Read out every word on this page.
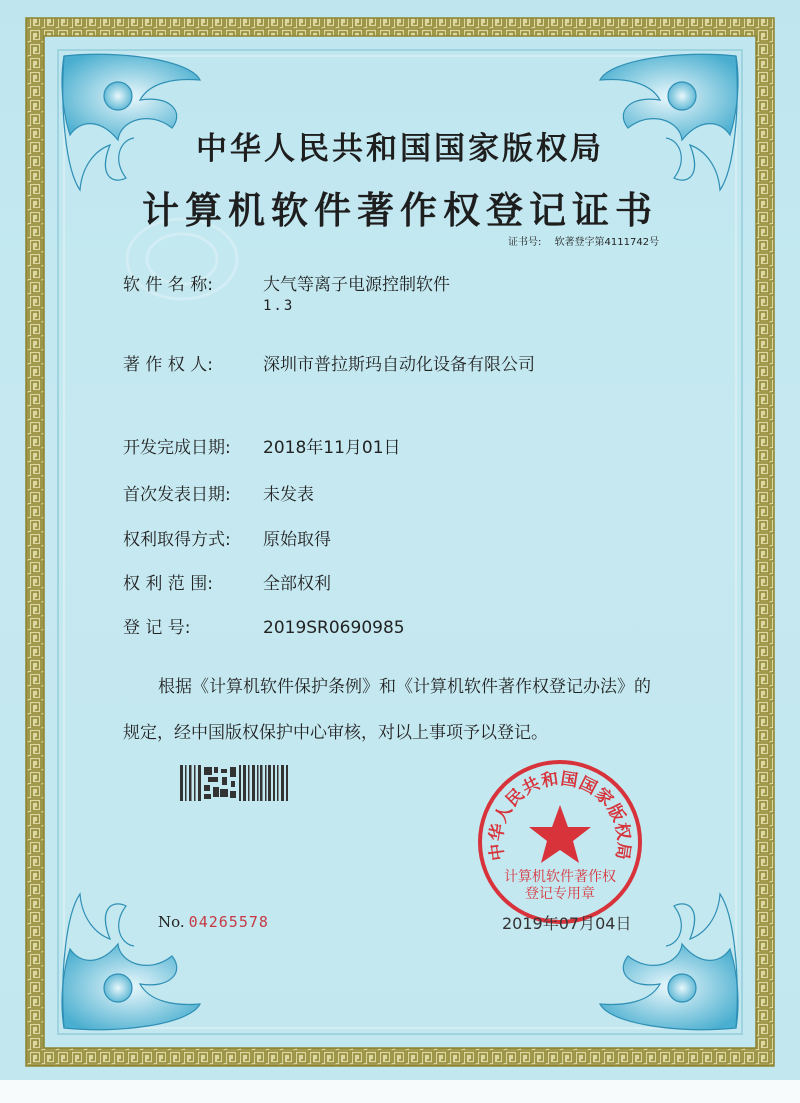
中华人民共和国国家版权局
计算机软件著作权登记证书
证书号: 软著登字第4111742号
软 件 名 称:	大气等离子电源控制软件
1.3
著 作 权 人:	深圳市普拉斯玛自动化设备有限公司
开发完成日期: 2018年11月01日
首次发表日期: 未发表
权利取得方式: 原始取得
权 利 范 围:	全部权利
登 记 号:	2019SR0690985
根据《计算机软件保护条例》和《计算机软件著作权登记办法》的
规定，经中国版权保护中心审核，对以上事项予以登记。
中华人民共和国国家版权局
计算机软件著作权
登记专用章
No. 04265578	2019年07月04日
